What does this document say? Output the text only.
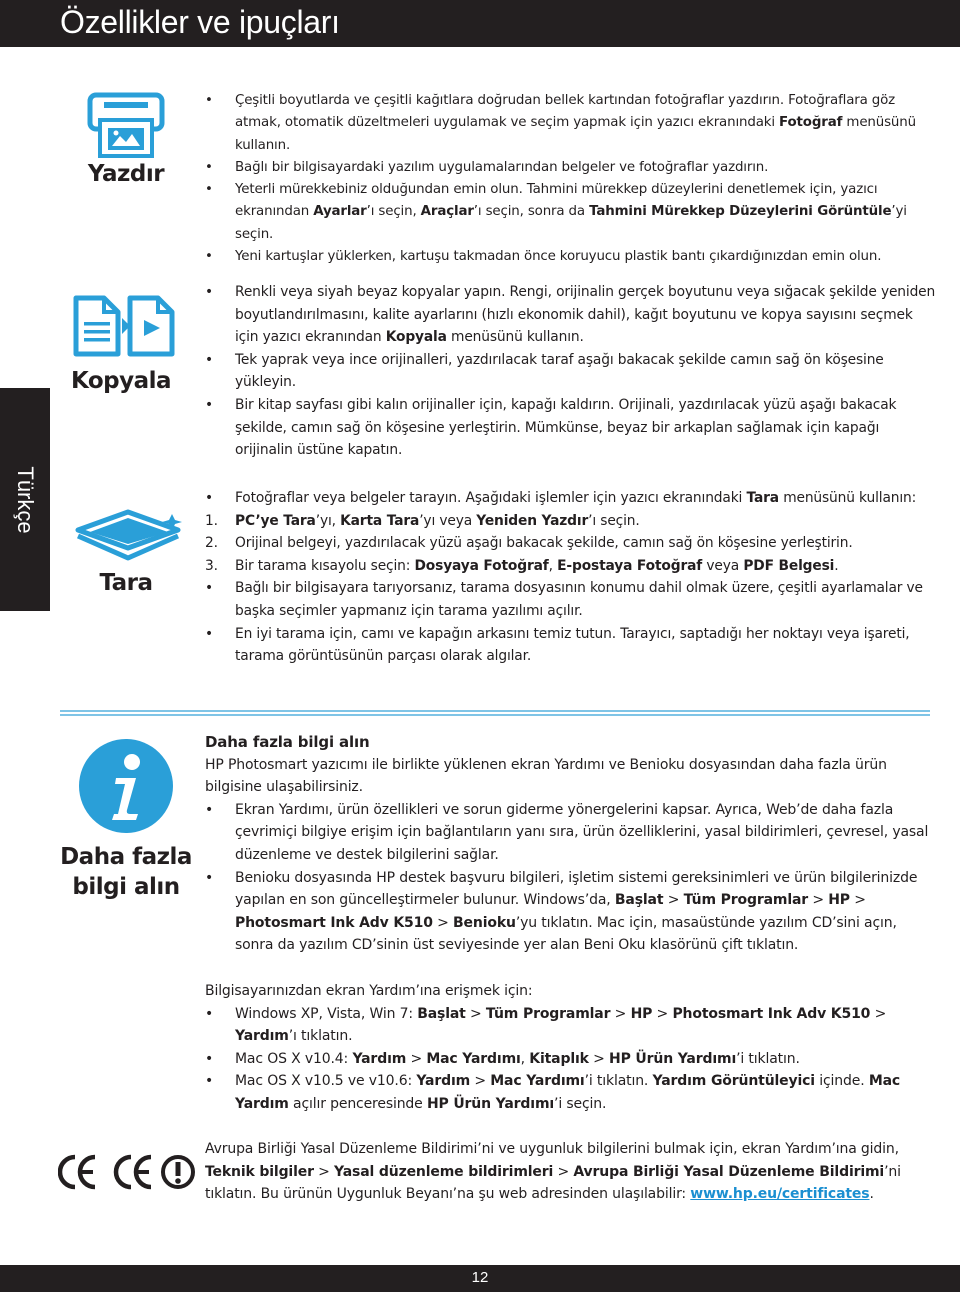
Özellikler ve ipuçları
Türkçe
Yazdır
• Çeşitli boyutlarda ve çeşitli kağıtlara doğrudan bellek kartından fotoğraflar yazdırın. Fotoğraflara göz atmak, otomatik düzeltmeleri uygulamak ve seçim yapmak için yazıcı ekranındaki Fotoğraf menüsünü kullanın.
• Bağlı bir bilgisayardaki yazılım uygulamalarından belgeler ve fotoğraflar yazdırın.
• Yeterli mürekkebiniz olduğundan emin olun. Tahmini mürekkep düzeylerini denetlemek için, yazıcı ekranından Ayarlar’ı seçin, Araçlar’ı seçin, sonra da Tahmini Mürekkep Düzeylerini Görüntüle’yi seçin.
• Yeni kartuşlar yüklerken, kartuşu takmadan önce koruyucu plastik bantı çıkardığınızdan emin olun.
Kopyala
• Renkli veya siyah beyaz kopyalar yapın. Rengi, orijinalin gerçek boyutunu veya sığacak şekilde yeniden boyutlandırılmasını, kalite ayarlarını (hızlı ekonomik dahil), kağıt boyutunu ve kopya sayısını seçmek için yazıcı ekranından Kopyala menüsünü kullanın.
• Tek yaprak veya ince orijinalleri, yazdırılacak taraf aşağı bakacak şekilde camın sağ ön köşesine yükleyin.
• Bir kitap sayfası gibi kalın orijinaller için, kapağı kaldırın. Orijinali, yazdırılacak yüzü aşağı bakacak şekilde, camın sağ ön köşesine yerleştirin. Mümkünse, beyaz bir arkaplan sağlamak için kapağı orijinalin üstüne kapatın.
Tara
• Fotoğraflar veya belgeler tarayın. Aşağıdaki işlemler için yazıcı ekranındaki Tara menüsünü kullanın:
1. PC’ye Tara’yı, Karta Tara’yı veya Yeniden Yazdır’ı seçin.
2. Orijinal belgeyi, yazdırılacak yüzü aşağı bakacak şekilde, camın sağ ön köşesine yerleştirin.
3. Bir tarama kısayolu seçin: Dosyaya Fotoğraf, E-postaya Fotoğraf veya PDF Belgesi.
• Bağlı bir bilgisayara tarıyorsanız, tarama dosyasının konumu dahil olmak üzere, çeşitli ayarlamalar ve başka seçimler yapmanız için tarama yazılımı açılır.
• En iyi tarama için, camı ve kapağın arkasını temiz tutun. Tarayıcı, saptadığı her noktayı veya işareti, tarama görüntüsünün parçası olarak algılar.
Daha fazla
bilgi alın
Daha fazla bilgi alın
HP Photosmart yazıcımı ile birlikte yüklenen ekran Yardımı ve Benioku dosyasından daha fazla ürün bilgisine ulaşabilirsiniz.
• Ekran Yardımı, ürün özellikleri ve sorun giderme yönergelerini kapsar. Ayrıca, Web’de daha fazla çevrimiçi bilgiye erişim için bağlantıların yanı sıra, ürün özelliklerini, yasal bildirimleri, çevresel, yasal düzenleme ve destek bilgilerini sağlar.
• Benioku dosyasında HP destek başvuru bilgileri, işletim sistemi gereksinimleri ve ürün bilgilerinizde yapılan en son güncelleştirmeler bulunur. Windows’da, Başlat > Tüm Programlar > HP > Photosmart Ink Adv K510 > Benioku’yu tıklatın. Mac için, masaüstünde yazılım CD’sini açın, sonra da yazılım CD’sinin üst seviyesinde yer alan Beni Oku klasörünü çift tıklatın.
Bilgisayarınızdan ekran Yardım’ına erişmek için:
• Windows XP, Vista, Win 7: Başlat > Tüm Programlar > HP > Photosmart Ink Adv K510 > Yardım’ı tıklatın.
• Mac OS X v10.4: Yardım > Mac Yardımı, Kitaplık > HP Ürün Yardımı’i tıklatın.
• Mac OS X v10.5 ve v10.6: Yardım > Mac Yardımı’i tıklatın. Yardım Görüntüleyici içinde. Mac Yardım açılır penceresinde HP Ürün Yardımı’i seçin.
Avrupa Birliği Yasal Düzenleme Bildirimi’ni ve uygunluk bilgilerini bulmak için, ekran Yardım’ına gidin, Teknik bilgiler > Yasal düzenleme bildirimleri > Avrupa Birliği Yasal Düzenleme Bildirimi’ni tıklatın. Bu ürünün Uygunluk Beyanı’na şu web adresinden ulaşılabilir: www.hp.eu/certificates.
12
